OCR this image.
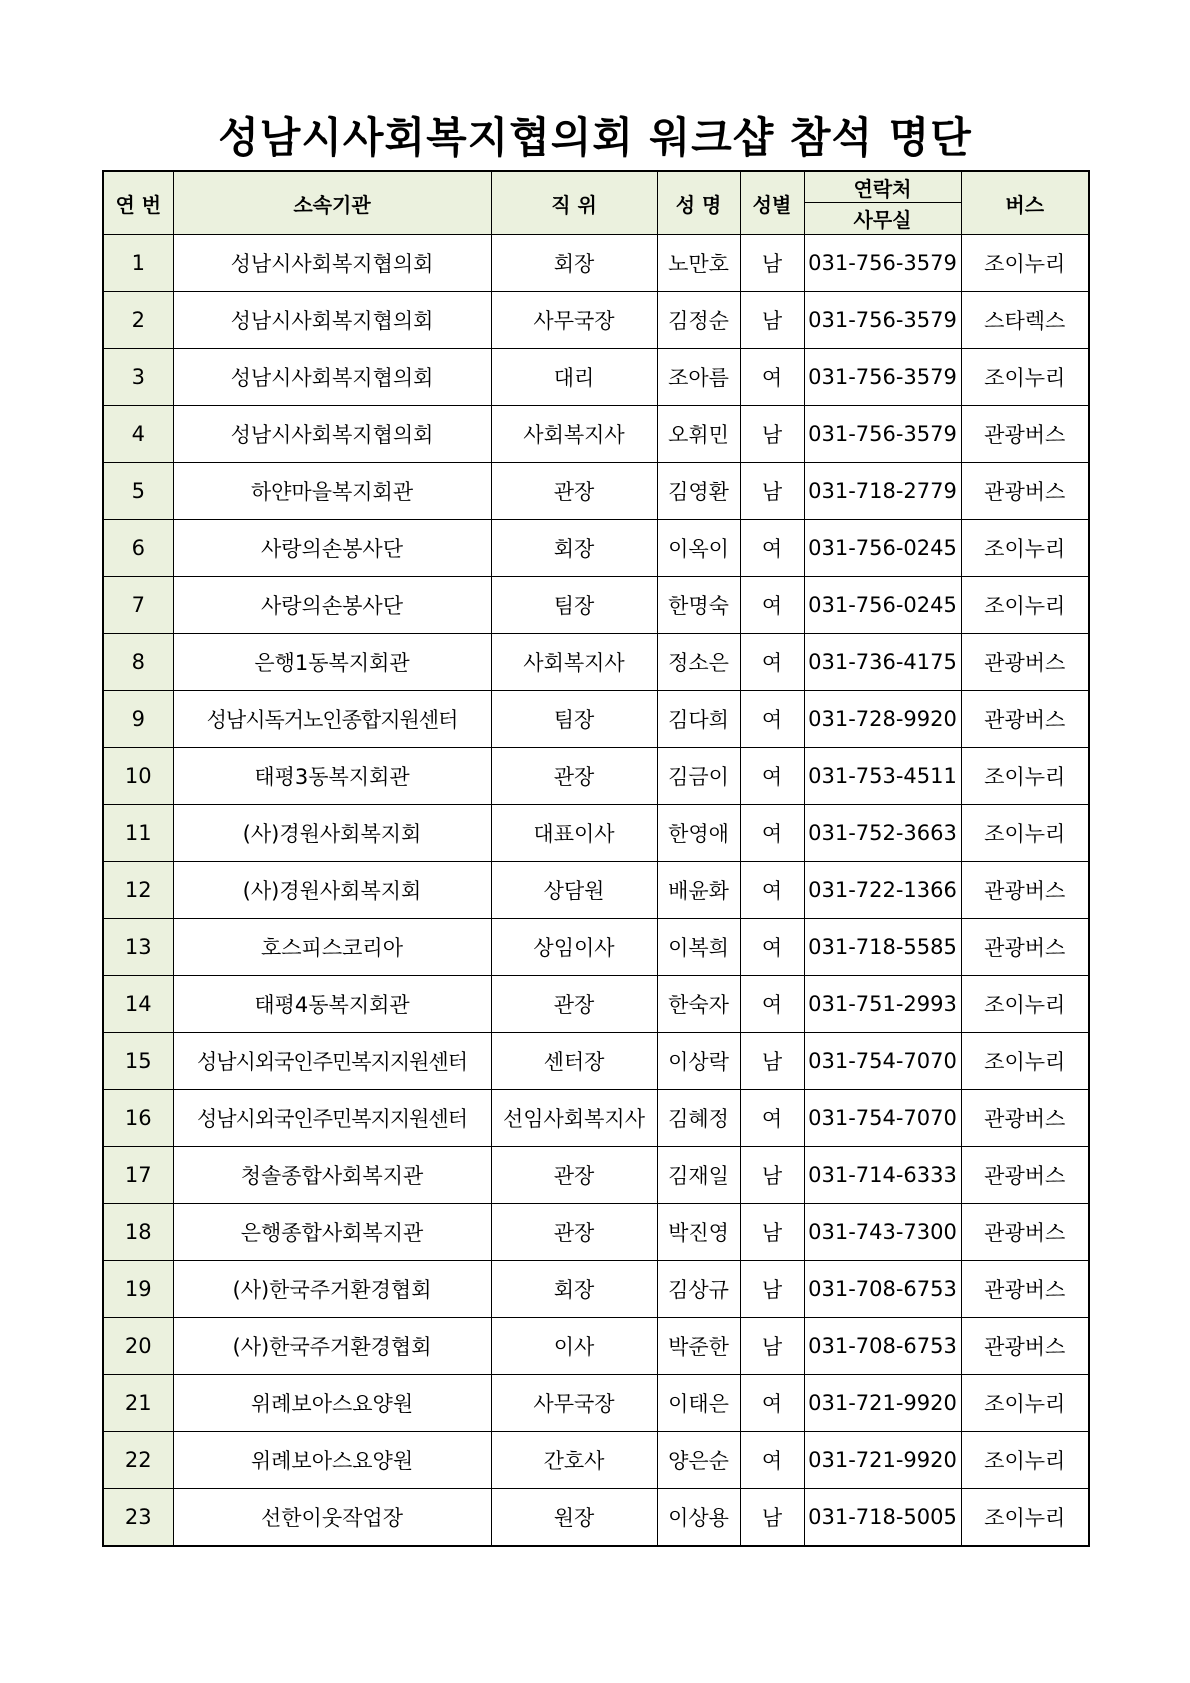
성남시사회복지협의회 워크샵 참석 명단
연 번	소속기관	직 위	성 명	성별	연락처	버스
					사무실	
1	성남시사회복지협의회	회장	노만호	남	031-756-3579	조이누리
2	성남시사회복지협의회	사무국장	김정순	남	031-756-3579	스타렉스
3	성남시사회복지협의회	대리	조아름	여	031-756-3579	조이누리
4	성남시사회복지협의회	사회복지사	오휘민	남	031-756-3579	관광버스
5	하얀마을복지회관	관장	김영환	남	031-718-2779	관광버스
6	사랑의손봉사단	회장	이옥이	여	031-756-0245	조이누리
7	사랑의손봉사단	팀장	한명숙	여	031-756-0245	조이누리
8	은행1동복지회관	사회복지사	정소은	여	031-736-4175	관광버스
9	성남시독거노인종합지원센터	팀장	김다희	여	031-728-9920	관광버스
10	태평3동복지회관	관장	김금이	여	031-753-4511	조이누리
11	(사)경원사회복지회	대표이사	한영애	여	031-752-3663	조이누리
12	(사)경원사회복지회	상담원	배윤화	여	031-722-1366	관광버스
13	호스피스코리아	상임이사	이복희	여	031-718-5585	관광버스
14	태평4동복지회관	관장	한숙자	여	031-751-2993	조이누리
15	성남시외국인주민복지지원센터	센터장	이상락	남	031-754-7070	조이누리
16	성남시외국인주민복지지원센터	선임사회복지사	김혜정	여	031-754-7070	관광버스
17	청솔종합사회복지관	관장	김재일	남	031-714-6333	관광버스
18	은행종합사회복지관	관장	박진영	남	031-743-7300	관광버스
19	(사)한국주거환경협회	회장	김상규	남	031-708-6753	관광버스
20	(사)한국주거환경협회	이사	박준한	남	031-708-6753	관광버스
21	위례보아스요양원	사무국장	이태은	여	031-721-9920	조이누리
22	위례보아스요양원	간호사	양은순	여	031-721-9920	조이누리
23	선한이웃작업장	원장	이상용	남	031-718-5005	조이누리
